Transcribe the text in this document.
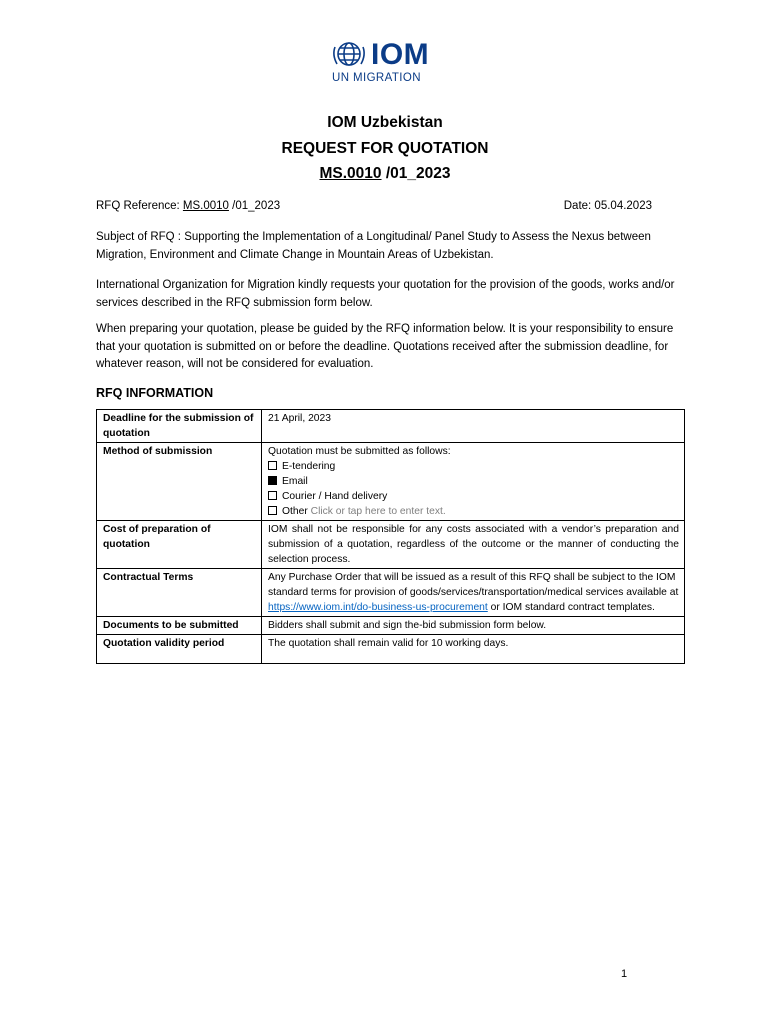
IOM
UN MIGRATION
IOM Uzbekistan
REQUEST FOR QUOTATION
MS.0010 /01_2023
RFQ Reference: MS.0010 /01_2023	Date: 05.04.2023
Subject of RFQ : Supporting the Implementation of a Longitudinal/ Panel Study to Assess the Nexus between Migration, Environment and Climate Change in Mountain Areas of Uzbekistan.
International Organization for Migration kindly requests your quotation for the provision of the goods, works and/or services described in the RFQ submission form below.
When preparing your quotation, please be guided by the RFQ information below. It is your responsibility to ensure that your quotation is submitted on or before the deadline. Quotations received after the submission deadline, for whatever reason, will not be considered for evaluation.
RFQ INFORMATION
Deadline for the submission of quotation	21 April, 2023
Method of submission	Quotation must be submitted as follows:
E-tendering
Email
Courier / Hand delivery
Other Click or tap here to enter text.

Cost of preparation of quotation	IOM shall not be responsible for any costs associated with a vendor’s preparation and submission of a quotation, regardless of the outcome or the manner of conducting the selection process.
Contractual Terms	Any Purchase Order that will be issued as a result of this RFQ shall be subject to the IOM standard terms for provision of goods/services/transportation/medical services available at https://www.iom.int/do-business-us-procurement or IOM standard contract templates.
Documents to be submitted	Bidders shall submit and sign the-bid submission form below.
Quotation validity period	The quotation shall remain valid for 10 working days.
1
